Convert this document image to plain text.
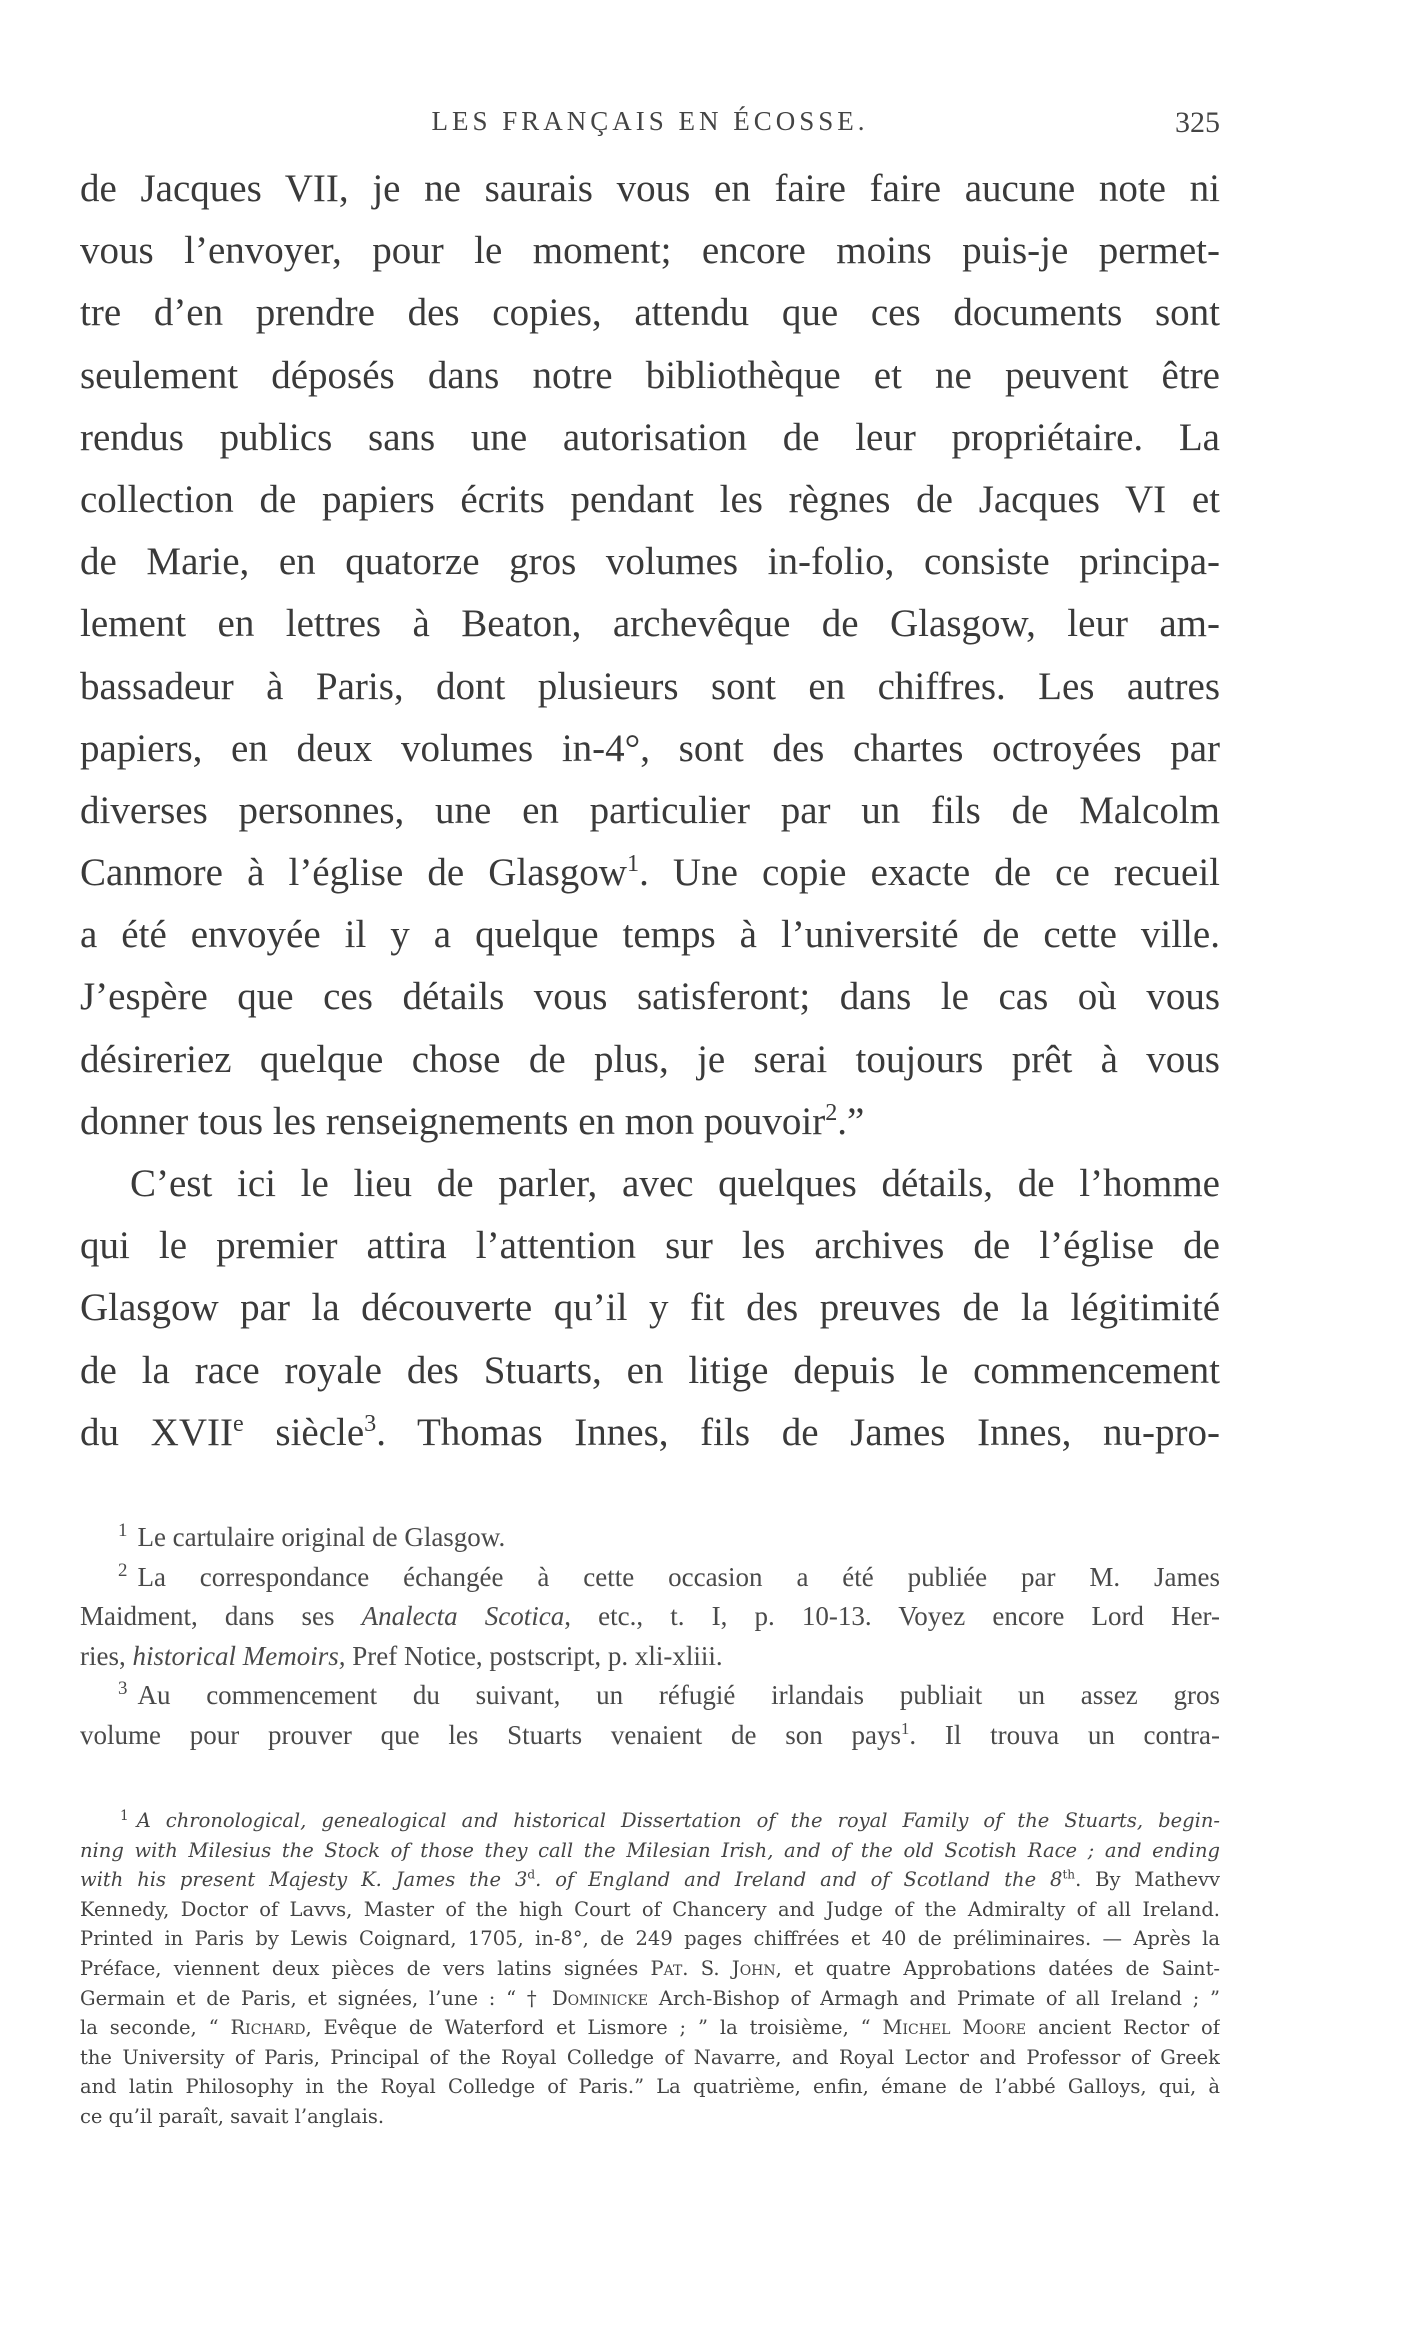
LES FRANÇAIS EN ÉCOSSE.	325
de Jacques VII, je ne saurais vous en faire faire aucune note ni
vous l’envoyer, pour le moment; encore moins puis-je permet-
tre d’en prendre des copies, attendu que ces documents sont
seulement déposés dans notre bibliothèque et ne peuvent être
rendus publics sans une autorisation de leur propriétaire. La
collection de papiers écrits pendant les règnes de Jacques VI et
de Marie, en quatorze gros volumes in-folio, consiste principa-
lement en lettres à Beaton, archevêque de Glasgow, leur am-
bassadeur à Paris, dont plusieurs sont en chiffres. Les autres
papiers, en deux volumes in-4°, sont des chartes octroyées par
diverses personnes, une en particulier par un fils de Malcolm
Canmore à l’église de Glasgow$^1$. Une copie exacte de ce recueil
a été envoyée il y a quelque temps à l’université de cette ville.
J’espère que ces détails vous satisferont; dans le cas où vous
désireriez quelque chose de plus, je serai toujours prêt à vous
donner tous les renseignements en mon pouvoir$^2$.”
C’est ici le lieu de parler, avec quelques détails, de l’homme
qui le premier attira l’attention sur les archives de l’église de
Glasgow par la découverte qu’il y fit des preuves de la légitimité
de la race royale des Stuarts, en litige depuis le commencement
du XVIIe siècle$^3$. Thomas Innes, fils de James Innes, nu-pro-
$^1$ Le cartulaire original de Glasgow.
$^2$ La correspondance échangée à cette occasion a été publiée par M. James
Maidment, dans ses Analecta Scotica, etc., t. I, p. 10-13. Voyez encore Lord Her-
ries, historical Memoirs, Pref Notice, postscript, p. xli-xliii.
$^3$ Au commencement du suivant, un réfugié irlandais publiait un assez gros
volume pour prouver que les Stuarts venaient de son pays$^1$. Il trouva un contra-
$^1$ A chronological, genealogical and historical Dissertation of the royal Family of the Stuarts, begin-
ning with Milesius the Stock of those they call the Milesian Irish, and of the old Scotish Race ; and ending
with his present Majesty K. James the 3$^d$. of England and Ireland and of Scotland the 8th. By Mathevv
Kennedy, Doctor of Lavvs, Master of the high Court of Chancery and Judge of the Admiralty of all Ireland.
Printed in Paris by Lewis Coignard, 1705, in-8°, de 249 pages chiffrées et 40 de préliminaires. — Après la
Préface, viennent deux pièces de vers latins signées Pat. S. John, et quatre Approbations datées de Saint-
Germain et de Paris, et signées, l’une : “ † Dominicke Arch-Bishop of Armagh and Primate of all Ireland ; ”
la seconde, “ Richard, Evêque de Waterford et Lismore ; ” la troisième, “ Michel Moore ancient Rector of
the University of Paris, Principal of the Royal Colledge of Navarre, and Royal Lector and Professor of Greek
and latin Philosophy in the Royal Colledge of Paris.” La quatrième, enfin, émane de l’abbé Galloys, qui, à
ce qu’il paraît, savait l’anglais.
